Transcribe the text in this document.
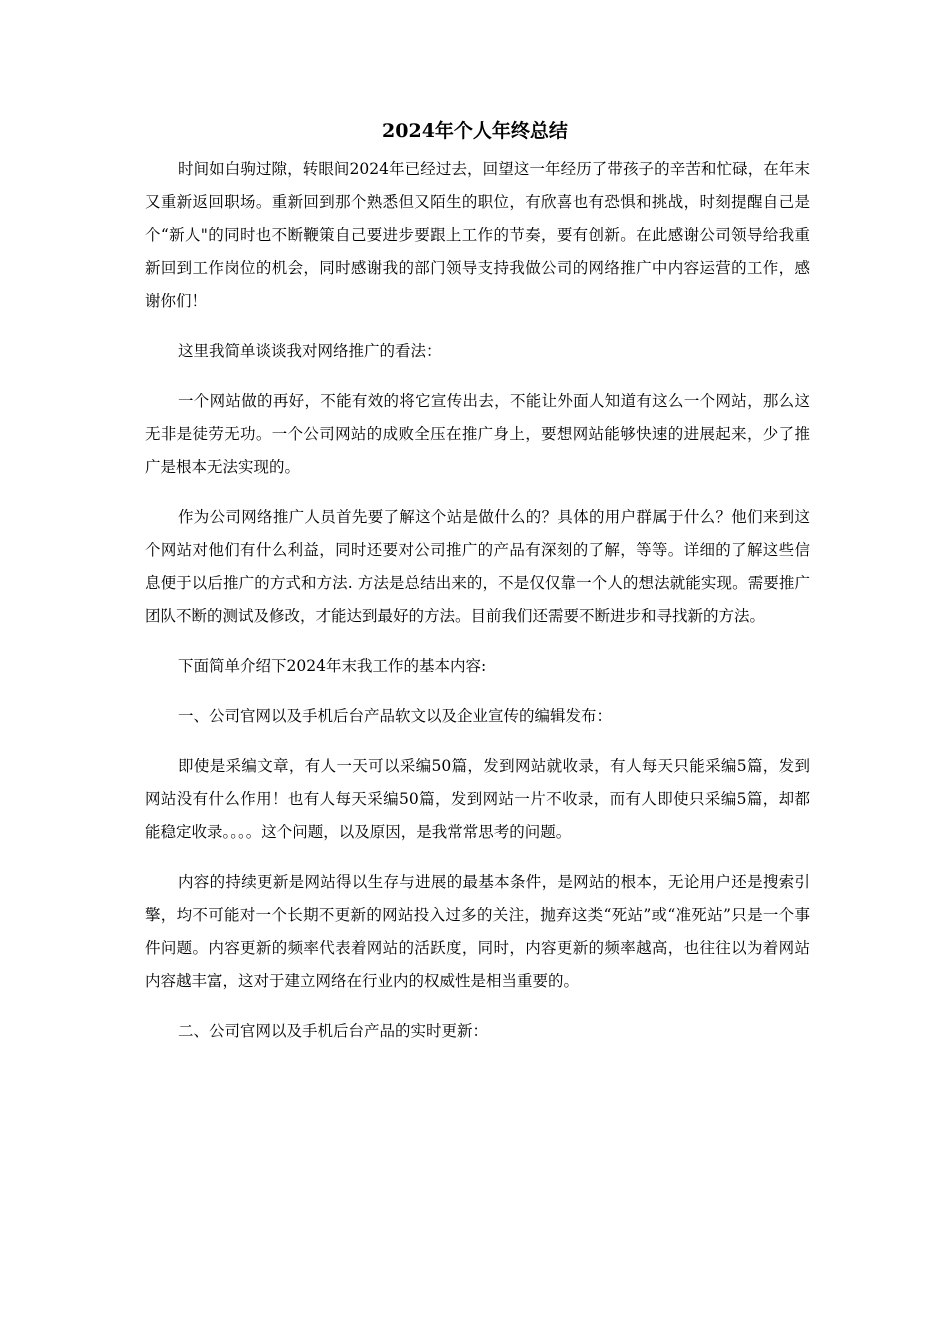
2024年个人年终总结

时间如白驹过隙，转眼间2024年已经过去，回望这一年经历了带孩子的辛苦和忙碌，在年末又重新返回职场。重新回到那个熟悉但又陌生的职位，有欣喜也有恐惧和挑战，时刻提醒自己是个“新人"的同时也不断鞭策自己要进步要跟上工作的节奏，要有创新。在此感谢公司领导给我重新回到工作岗位的机会，同时感谢我的部门领导支持我做公司的网络推广中内容运营的工作，感谢你们！

这里我简单谈谈我对网络推广的看法：

一个网站做的再好，不能有效的将它宣传出去，不能让外面人知道有这么一个网站，那么这无非是徒劳无功。一个公司网站的成败全压在推广身上，要想网站能够快速的进展起来，少了推广是根本无法实现的。

作为公司网络推广人员首先要了解这个站是做什么的？具体的用户群属于什么？他们来到这个网站对他们有什么利益，同时还要对公司推广的产品有深刻的了解，等等。详细的了解这些信息便于以后推广的方式和方法. 方法是总结出来的，不是仅仅靠一个人的想法就能实现。需要推广团队不断的测试及修改，才能达到最好的方法。目前我们还需要不断进步和寻找新的方法。

下面简单介绍下2024年末我工作的基本内容:

一、公司官网以及手机后台产品软文以及企业宣传的编辑发布：

即使是采编文章，有人一天可以采编50篇，发到网站就收录，有人每天只能采编5篇，发到网站没有什么作用！也有人每天采编50篇，发到网站一片不收录，而有人即使只采编5篇，却都能稳定收录。。。。这个问题，以及原因，是我常常思考的问题。

内容的持续更新是网站得以生存与进展的最基本条件，是网站的根本，无论用户还是搜索引擎，均不可能对一个长期不更新的网站投入过多的关注，抛弃这类“死站”或“准死站”只是一个事件问题。内容更新的频率代表着网站的活跃度，同时，内容更新的频率越高，也往往以为着网站内容越丰富，这对于建立网络在行业内的权威性是相当重要的。

二、公司官网以及手机后台产品的实时更新：
